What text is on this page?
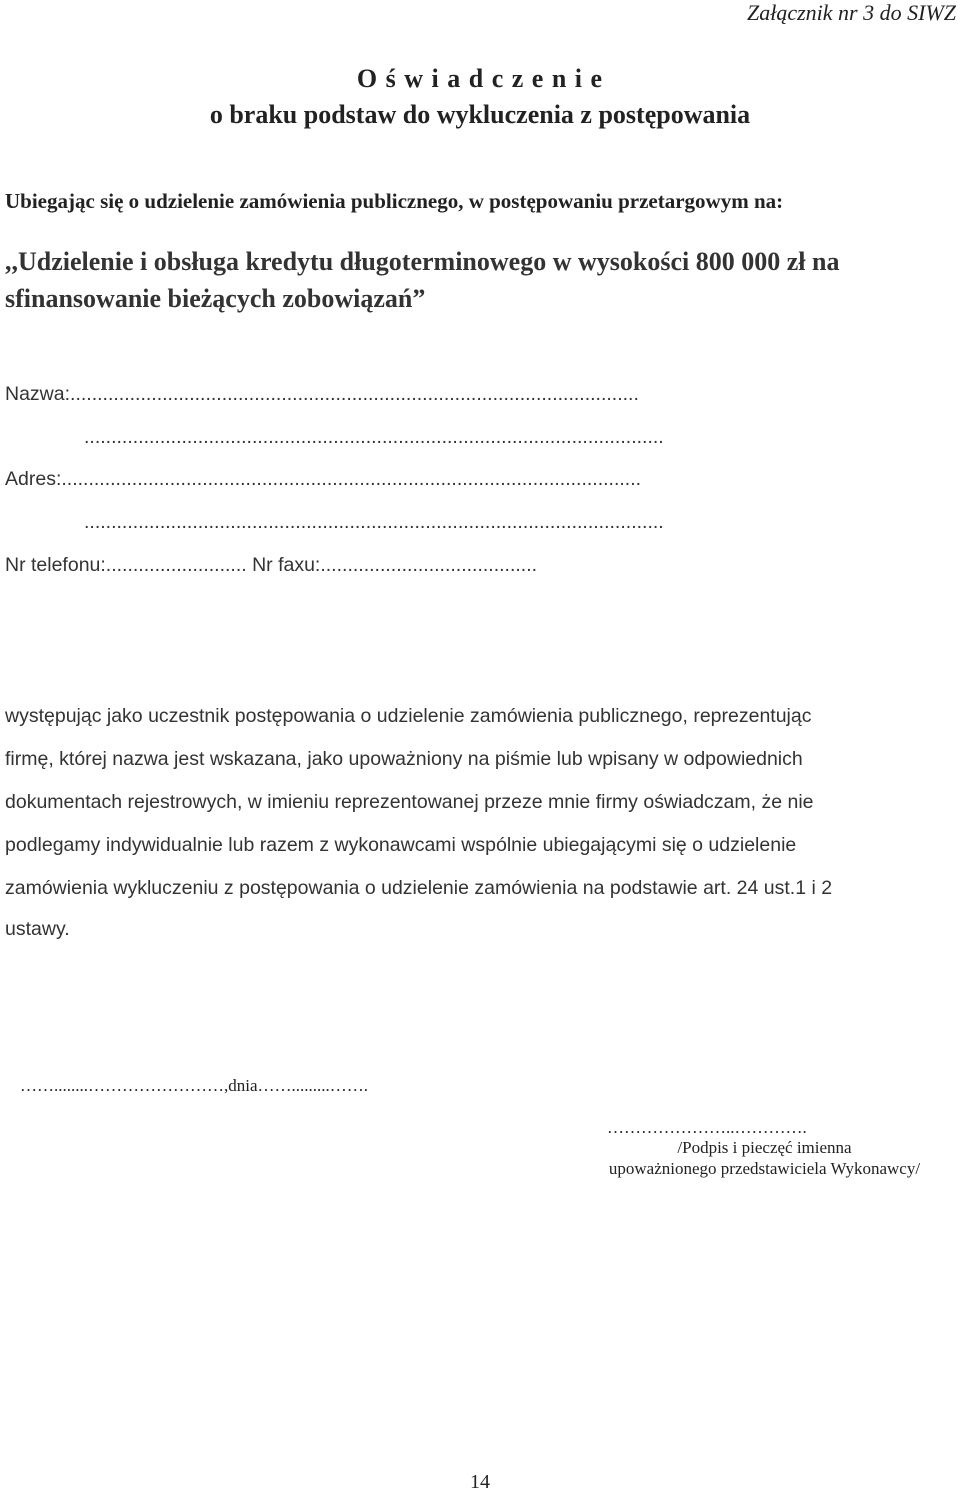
Załącznik nr 3 do SIWZ
O ś w i a d c z e n i e
o braku podstaw do wykluczenia z postępowania
Ubiegając się o udzielenie zamówienia publicznego, w postępowaniu przetargowym na:
,,Udzielenie i obsługa kredytu długoterminowego w wysokości 800 000 zł na
sfinansowanie bieżących zobowiązań”
Nazwa:.........................................................................................................
...........................................................................................................
Adres:...........................................................................................................
...........................................................................................................
Nr telefonu:.......................... Nr faxu:........................................
występując jako uczestnik postępowania o udzielenie zamówienia publicznego, reprezentując
firmę, której nazwa jest wskazana, jako upoważniony na piśmie lub wpisany w odpowiednich
dokumentach rejestrowych, w imieniu reprezentowanej przeze mnie firmy oświadczam, że nie
podlegamy indywidualnie lub razem z wykonawcami wspólnie ubiegającymi się o udzielenie
zamówienia wykluczeniu z postępowania o udzielenie zamówienia na podstawie art. 24 ust.1 i 2
ustawy.
……........……………………,dnia…….........…….
…………………..………….
/Podpis i pieczęć imienna
upoważnionego przedstawiciela Wykonawcy/
14
